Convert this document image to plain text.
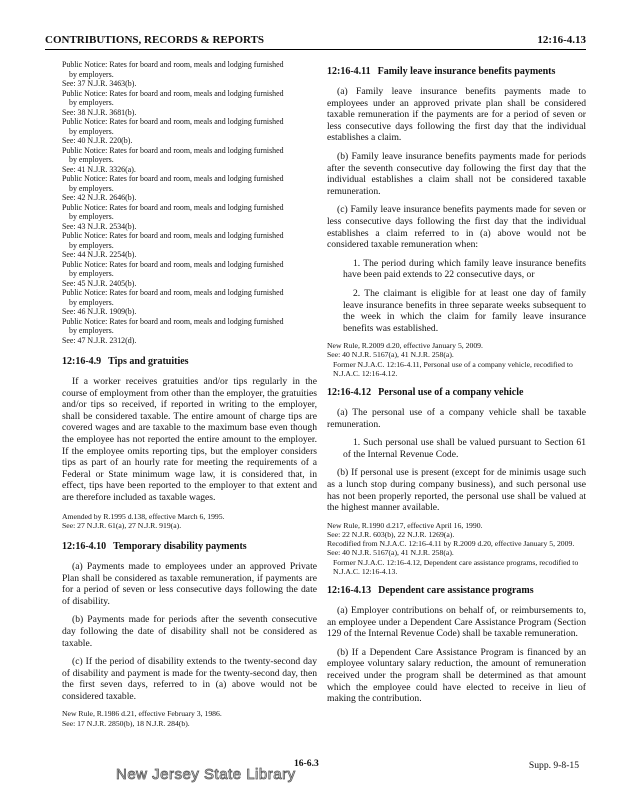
CONTRIBUTIONS, RECORDS & REPORTS	12:16-4.13
Public Notice: Rates for board and room, meals and lodging furnished
by employers.
See: 37 N.J.R. 3463(b).
Public Notice: Rates for board and room, meals and lodging furnished
by employers.
See: 38 N.J.R. 3681(b).
Public Notice: Rates for board and room, meals and lodging furnished
by employers.
See: 40 N.J.R. 220(b).
Public Notice: Rates for board and room, meals and lodging furnished
by employers.
See: 41 N.J.R. 3326(a).
Public Notice: Rates for board and room, meals and lodging furnished
by employers.
See: 42 N.J.R. 2646(b).
Public Notice: Rates for board and room, meals and lodging furnished
by employers.
See: 43 N.J.R. 2534(b).
Public Notice: Rates for board and room, meals and lodging furnished
by employers.
See: 44 N.J.R. 2254(b).
Public Notice: Rates for board and room, meals and lodging furnished
by employers.
See: 45 N.J.R. 2405(b).
Public Notice: Rates for board and room, meals and lodging furnished
by employers.
See: 46 N.J.R. 1909(b).
Public Notice: Rates for board and room, meals and lodging furnished
by employers.
See: 47 N.J.R. 2312(d).
12:16-4.9 Tips and gratuities

If a worker receives gratuities and/or tips regularly in the course of employment from other than the employer, the gratuities and/or tips so received, if reported in writing to the employer, shall be considered taxable. The entire amount of charge tips are covered wages and are taxable to the maximum base even though the employee has not reported the entire amount to the employer. If the employee omits reporting tips, but the employer considers tips as part of an hourly rate for meeting the requirements of a Federal or State minimum wage law, it is considered that, in effect, tips have been reported to the employer to that extent and are therefore included as taxable wages.

Amended by R.1995 d.138, effective March 6, 1995.

See: 27 N.J.R. 61(a), 27 N.J.R. 919(a).

12:16-4.10 Temporary disability payments

(a) Payments made to employees under an approved Private Plan shall be considered as taxable remuneration, if payments are for a period of seven or less consecutive days following the date of disability.

(b) Payments made for periods after the seventh consecutive day following the date of disability shall not be considered as taxable.

(c) If the period of disability extends to the twenty-second day of disability and payment is made for the twenty-second day, then the first seven days, referred to in (a) above would not be considered taxable.

New Rule, R.1986 d.21, effective February 3, 1986.

See: 17 N.J.R. 2850(b), 18 N.J.R. 284(b).

12:16-4.11 Family leave insurance benefits payments

(a) Family leave insurance benefits payments made to employees under an approved private plan shall be considered taxable remuneration if the payments are for a period of seven or less consecutive days following the first day that the individual establishes a claim.

(b) Family leave insurance benefits payments made for periods after the seventh consecutive day following the first day that the individual establishes a claim shall not be considered taxable remuneration.

(c) Family leave insurance benefits payments made for seven or less consecutive days following the first day that the individual establishes a claim referred to in (a) above would not be considered taxable remuneration when:

1. The period during which family leave insurance benefits have been paid extends to 22 consecutive days, or

2. The claimant is eligible for at least one day of family leave insurance benefits in three separate weeks subsequent to the week in which the claim for family leave insurance benefits was established.

New Rule, R.2009 d.20, effective January 5, 2009.

See: 40 N.J.R. 5167(a), 41 N.J.R. 258(a).

Former N.J.A.C. 12:16-4.11, Personal use of a company vehicle, recodified to N.J.A.C. 12:16-4.12.

12:16-4.12 Personal use of a company vehicle

(a) The personal use of a company vehicle shall be taxable remuneration.

1. Such personal use shall be valued pursuant to Section 61 of the Internal Revenue Code.

(b) If personal use is present (except for de minimis usage such as a lunch stop during company business), and such personal use has not been properly reported, the personal use shall be valued at the highest manner available.

New Rule, R.1990 d.217, effective April 16, 1990.

See: 22 N.J.R. 603(b), 22 N.J.R. 1269(a).

Recodified from N.J.A.C. 12:16-4.11 by R.2009 d.20, effective January 5, 2009.

See: 40 N.J.R. 5167(a), 41 N.J.R. 258(a).

Former N.J.A.C. 12:16-4.12, Dependent care assistance programs, recodified to N.J.A.C. 12:16-4.13.

12:16-4.13 Dependent care assistance programs

(a) Employer contributions on behalf of, or reimbursements to, an employee under a Dependent Care Assistance Program (Section 129 of the Internal Revenue Code) shall be taxable remuneration.

(b) If a Dependent Care Assistance Program is financed by an employee voluntary salary reduction, the amount of remuneration received under the program shall be determined as that amount which the employee could have elected to receive in lieu of making the contribution.

New Jersey State Library
16-6.3	Supp. 9-8-15
